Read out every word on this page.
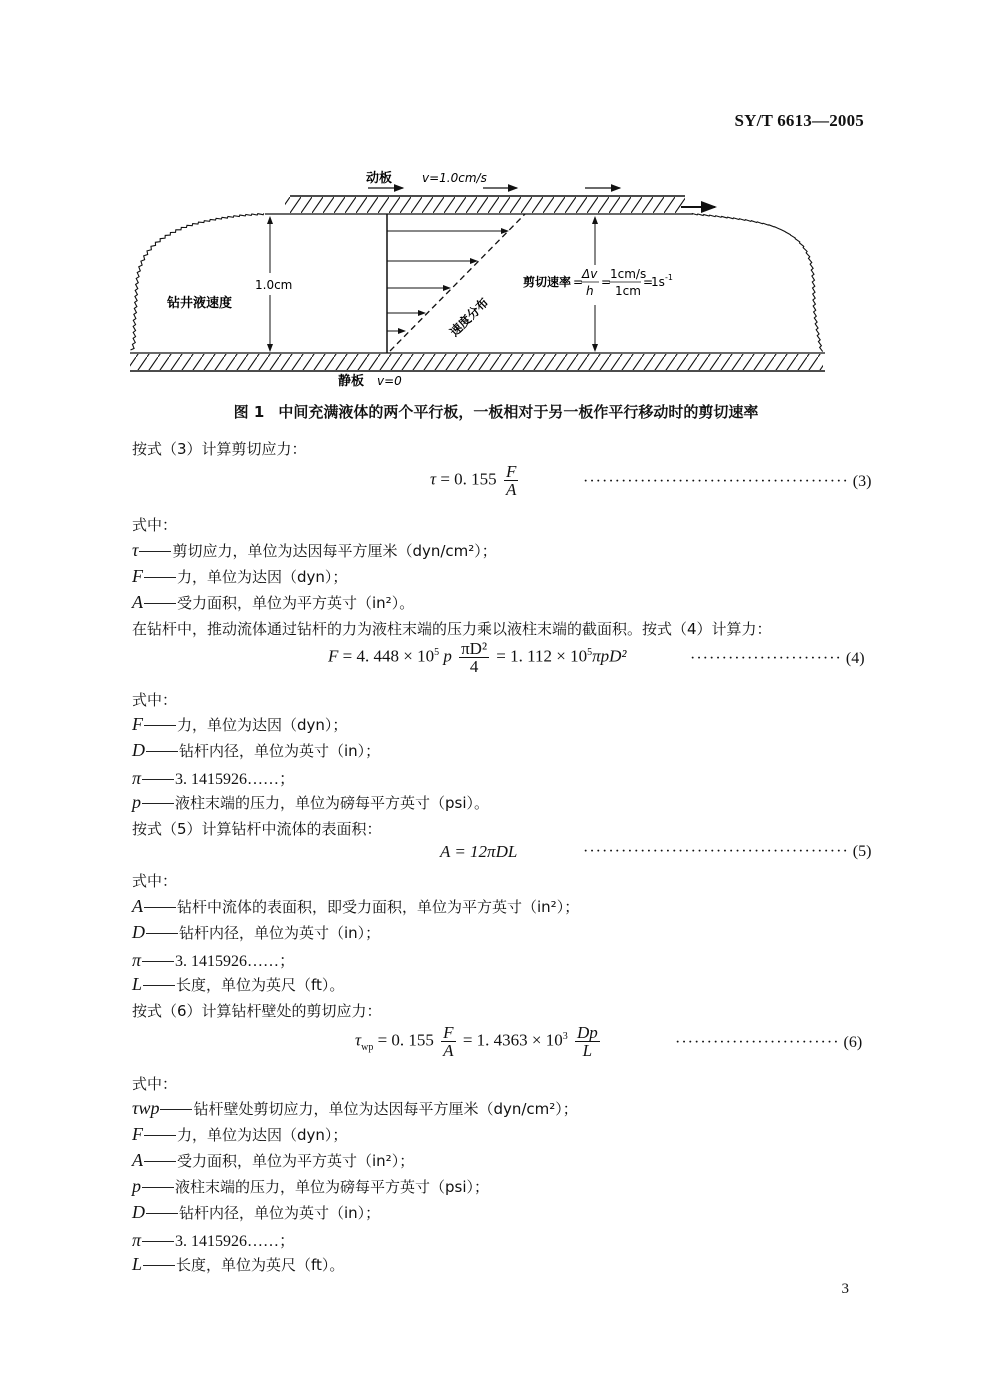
SY/T 6613—2005
动板 v=1.0cm/s
1.0cm
钻井液速度	速度分布
剪切速率 =
Δv
h
=
1cm/s
1cm
=
1s -1
静板 v=0
图 1 中间充满液体的两个平行板，一板相对于另一板作平行移动时的剪切速率
按式（3）计算剪切应力：
τ = 0. $155 \frac{F}{A}$	·········································· (3)
式中：
τ 剪切应力，单位为达因每平方厘米（dyn/cm²）；
F 力，单位为达因（dyn）；
A 受力面积，单位为平方英寸（in²）。
在钻杆中，推动流体通过钻杆的力为液柱末端的压力乘以液柱末端的截面积。按式（4）计算力：
F = 4. $448 \times 10^5$ p $\frac{\text{πD²}}{4} = 1$. $112 \times 10^5\pi pD^2$	························ (4)
式中：
F 力，单位为达因（dyn）；
D 钻杆内径，单位为英寸（in）；
π 3. 1415926……；
p 液柱末端的压力，单位为磅每平方英寸（psi）。
按式（5）计算钻杆中流体的表面积：
A = 12πDL	·········································· (5)
式中：
A 钻杆中流体的表面积，即受力面积，单位为平方英寸（in²）；
D 钻杆内径，单位为英寸（in）；
π 3. 1415926……；
L 长度，单位为英尺（ft）。
按式（6）计算钻杆壁处的剪切应力：
$\tau_{wp} = 0$. $155 \frac{F}{A} = 1$. $4363 \times 10^3 \frac{Dp}{L}$	·························· (6)
式中：
τwp 钻杆壁处剪切应力，单位为达因每平方厘米（dyn/cm²）；
F 力，单位为达因（dyn）；
A 受力面积，单位为平方英寸（in²）；
p 液柱末端的压力，单位为磅每平方英寸（psi）；
D 钻杆内径，单位为英寸（in）；
π 3. 1415926……；
L 长度，单位为英尺（ft）。
3
